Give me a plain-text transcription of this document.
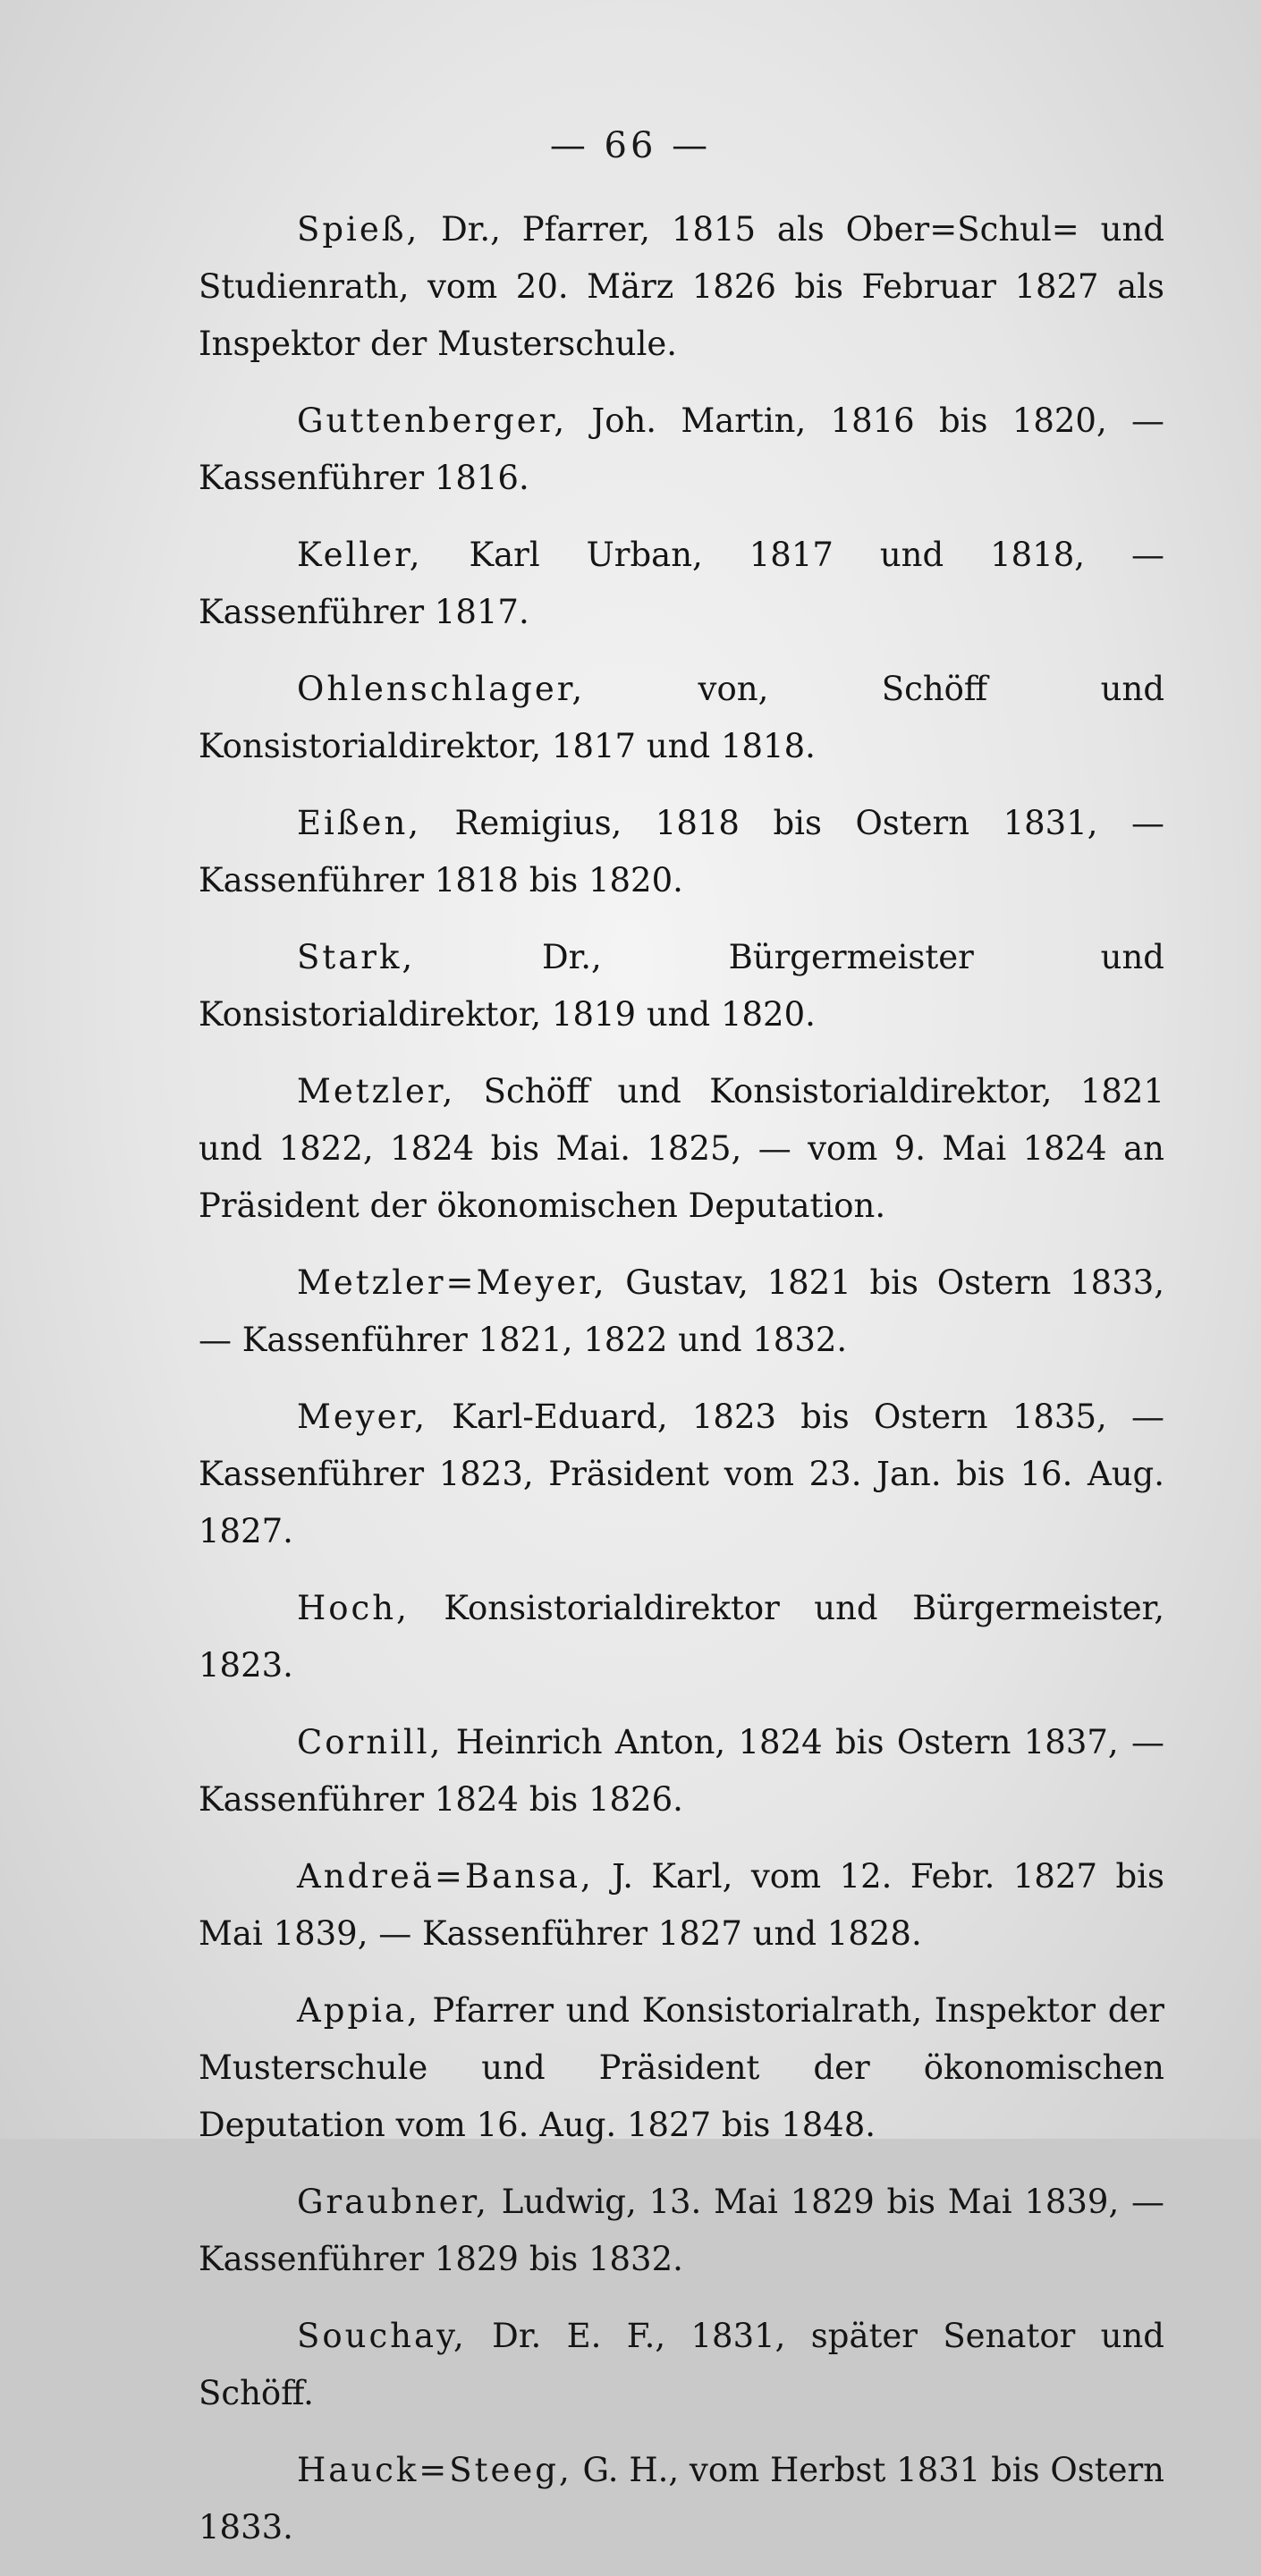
— 66 —

Spieß, Dr., Pfarrer, 1815 als Ober=Schul= und Studienrath, vom 20. März 1826 bis Februar 1827 als Inspektor der Musterschule.

Guttenberger, Joh. Martin, 1816 bis 1820, — Kassenführer 1816.

Keller, Karl Urban, 1817 und 1818, — Kassenführer 1817.

Ohlenschlager, von, Schöff und Konsistorialdirektor, 1817 und 1818.

Eißen, Remigius, 1818 bis Ostern 1831, — Kassenführer 1818 bis 1820.

Stark, Dr., Bürgermeister und Konsistorialdirektor, 1819 und 1820.

Metzler, Schöff und Konsistorialdirektor, 1821 und 1822, 1824 bis Mai. 1825, — vom 9. Mai 1824 an Präsident der ökonomischen Deputation.

Metzler=Meyer, Gustav, 1821 bis Ostern 1833, — Kassenführer 1821, 1822 und 1832.

Meyer, Karl-Eduard, 1823 bis Ostern 1835, — Kassenführer 1823, Präsident vom 23. Jan. bis 16. Aug. 1827.

Hoch, Konsistorialdirektor und Bürgermeister, 1823.

Cornill, Heinrich Anton, 1824 bis Ostern 1837, — Kassenführer 1824 bis 1826.

Andreä=Bansa, J. Karl, vom 12. Febr. 1827 bis Mai 1839, — Kassenführer 1827 und 1828.

Appia, Pfarrer und Konsistorialrath, Inspektor der Musterschule und Präsident der ökonomischen Deputation vom 16. Aug. 1827 bis 1848.

Graubner, Ludwig, 13. Mai 1829 bis Mai 1839, — Kassenführer 1829 bis 1832.

Souchay, Dr. E. F., 1831, später Senator und Schöff.

Hauck=Steeg, G. H., vom Herbst 1831 bis Ostern 1833.
